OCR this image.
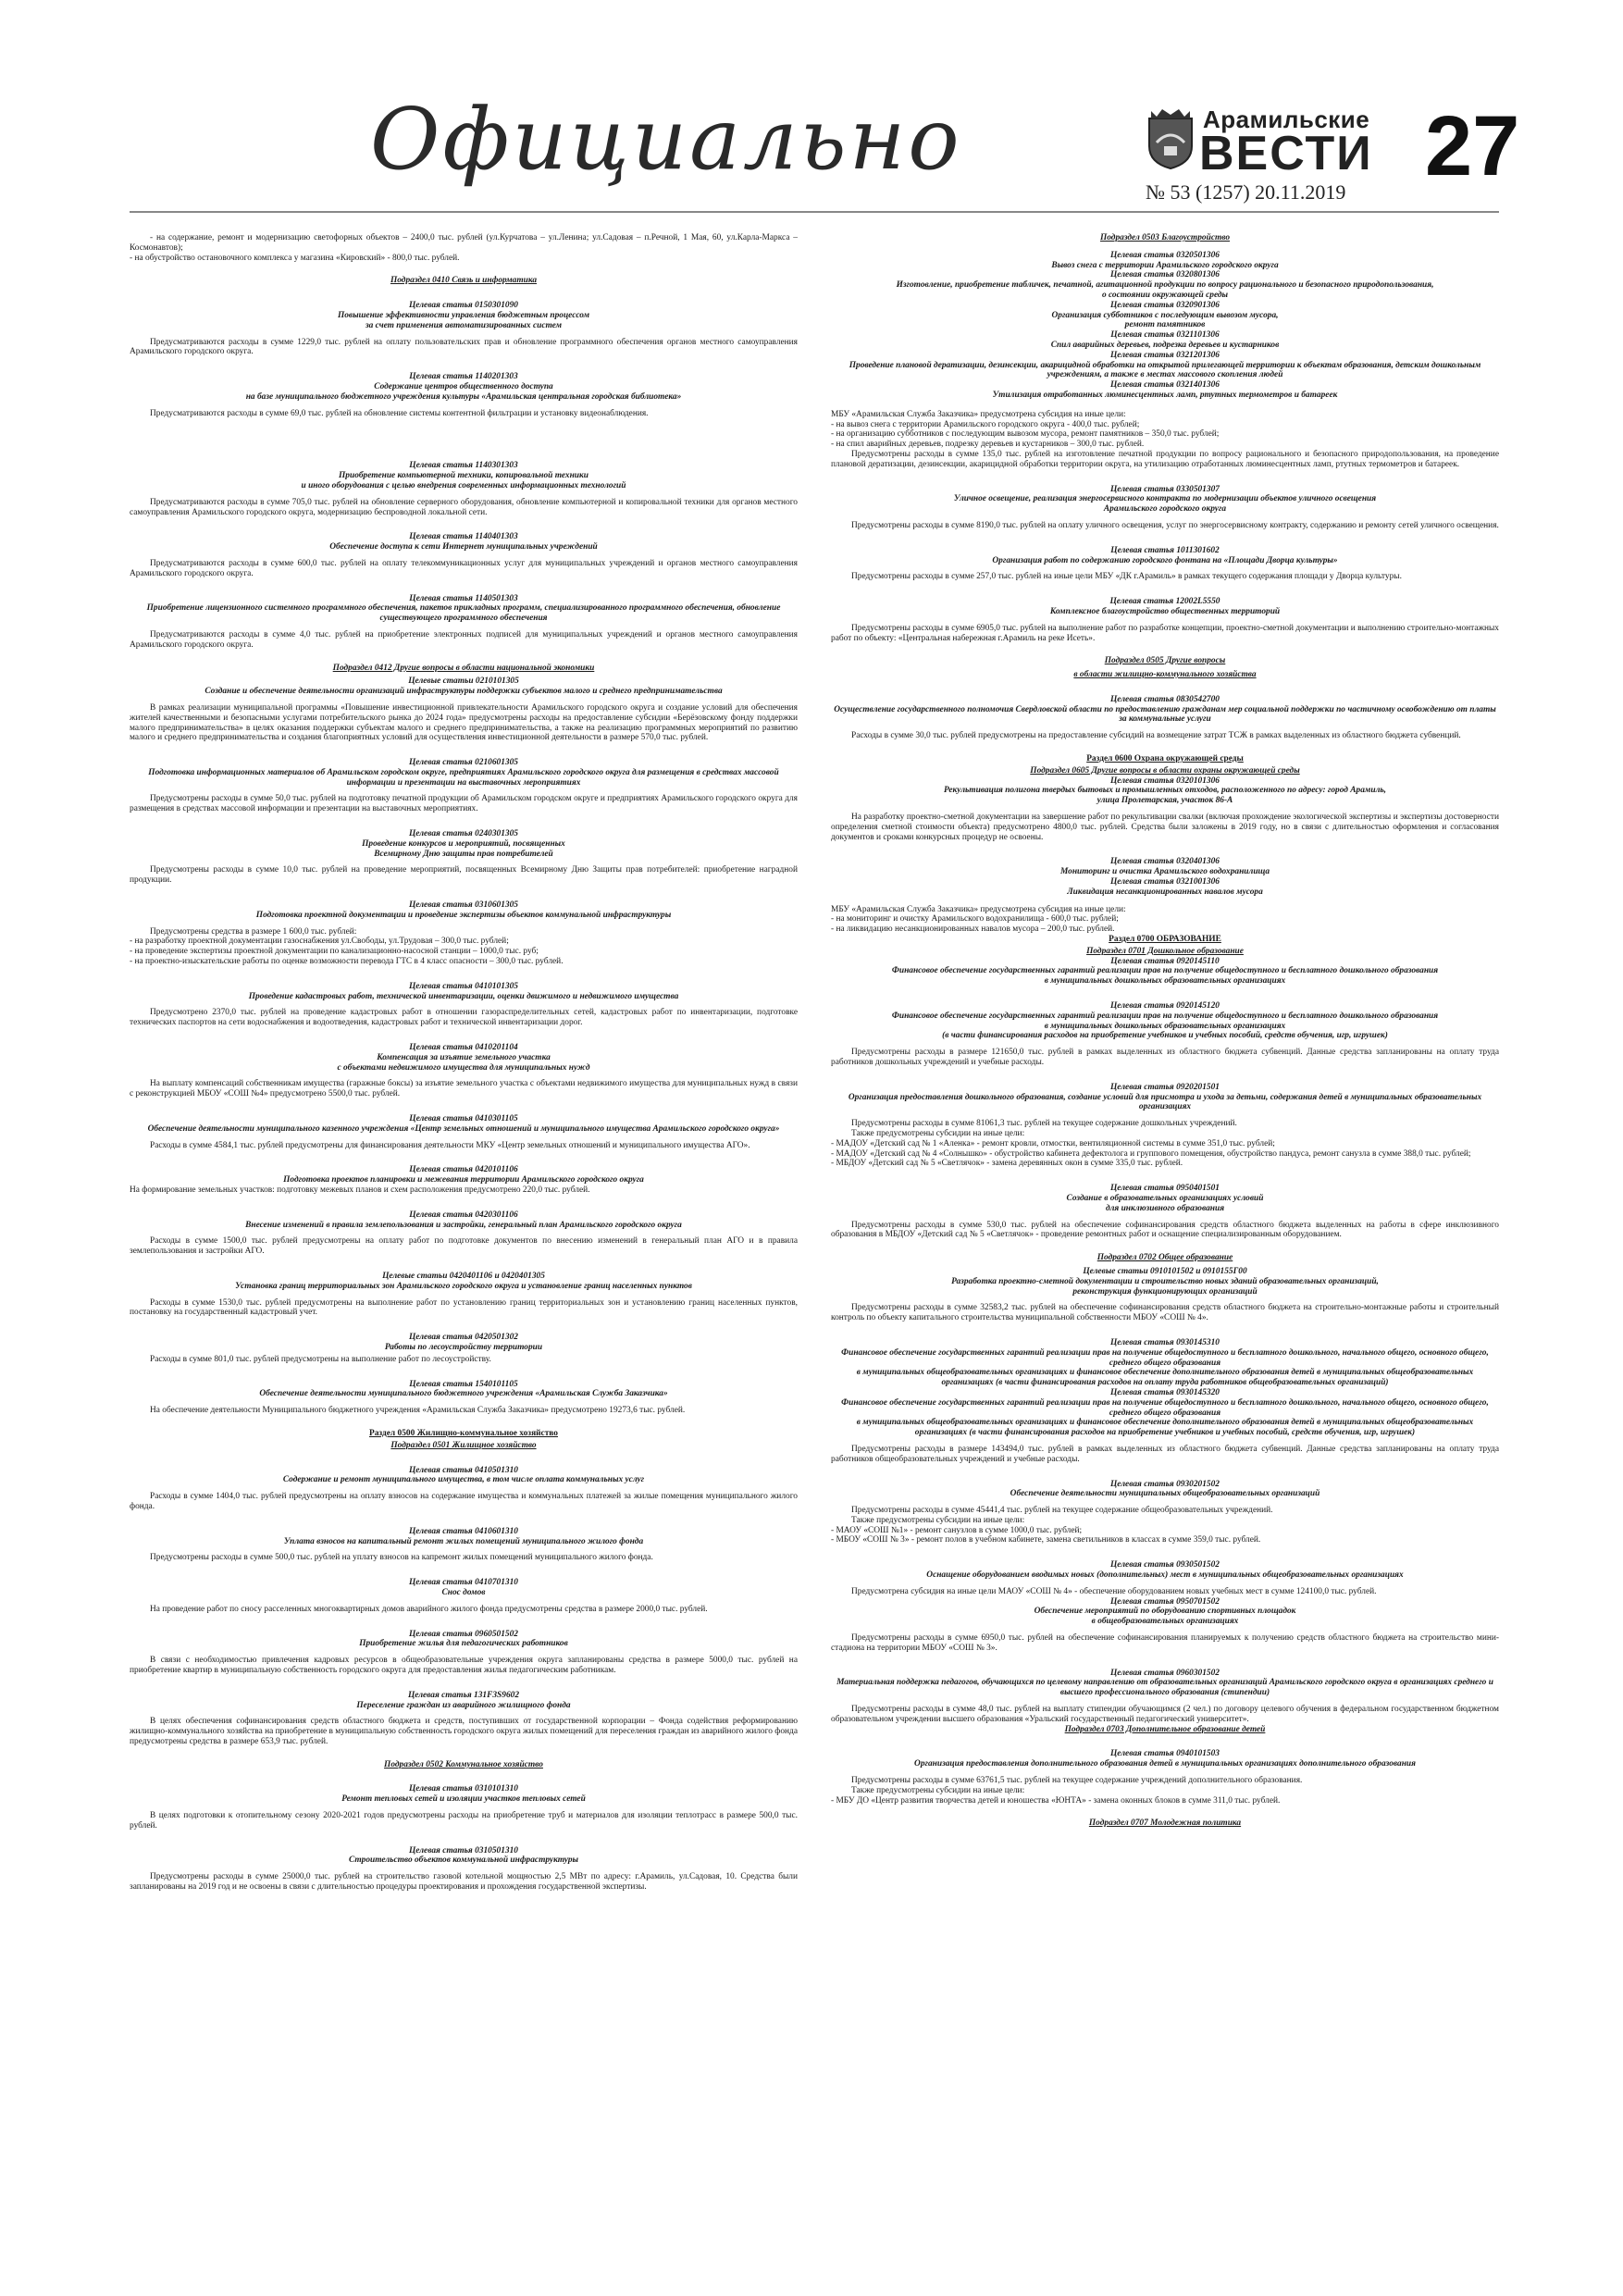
Официально	Арамильские
ВЕСТИ
№ 53 (1257) 20.11.2019 27

- на содержание, ремонт и модернизацию светофорных объектов – 2400,0 тыс. рублей (ул.Курчатова – ул.Ленина; ул.Садовая – п.Речной, 1 Мая, 60, ул.Карла-Маркса – Космонавтов);

- на обустройство остановочного комплекса у магазина «Кировский» - 800,0 тыс. рублей.

Подраздел 0410 Связь и информатика
Целевая статья 0150301090
Повышение эффективности управления бюджетным процессом
за счет применения автоматизированных систем

Предусматриваются расходы в сумме 1229,0 тыс. рублей на оплату пользовательских прав и обновление программного обеспечения органов местного самоуправления Арамильского городского округа.

Целевая статья 1140201303
Содержание центров общественного доступа
на базе муниципального бюджетного учреждения культуры «Арамильская центральная городская библиотека»

Предусматриваются расходы в сумме 69,0 тыс. рублей на обновление системы контентной фильтрации и установку видеонаблюдения.

Целевая статья 1140301303
Приобретение компьютерной техники, копировальной техники
и иного оборудования с целью внедрения современных информационных технологий

Предусматриваются расходы в сумме 705,0 тыс. рублей на обновление серверного оборудования, обновление компьютерной и копировальной техники для органов местного самоуправления Арамильского городского округа, модернизацию беспроводной локальной сети.

Целевая статья 1140401303
Обеспечение доступа к сети Интернет муниципальных учреждений

Предусматриваются расходы в сумме 600,0 тыс. рублей на оплату телекоммуникационных услуг для муниципальных учреждений и органов местного самоуправления Арамильского городского округа.

Целевая статья 1140501303
Приобретение лицензионного системного программного обеспечения, пакетов прикладных программ, специализированного программного обеспечения, обновление существующего программного обеспечения

Предусматриваются расходы в сумме 4,0 тыс. рублей на приобретение электронных подписей для муниципальных учреждений и органов местного самоуправления Арамильского городского округа.

Подраздел 0412 Другие вопросы в области национальной экономики
Целевые статьи 0210101305
Создание и обеспечение деятельности организаций инфраструктуры поддержки субъектов малого и среднего предпринимательства

В рамках реализации муниципальной программы «Повышение инвестиционной привлекательности Арамильского городского округа и создание условий для обеспечения жителей качественными и безопасными услугами потребительского рынка до 2024 года» предусмотрены расходы на предоставление субсидии «Берёзовскому фонду поддержки малого предпринимательства» в целях оказания поддержки субъектам малого и среднего предпринимательства, а также на реализацию программных мероприятий по развитию малого и среднего предпринимательства и создания благоприятных условий для осуществления инвестиционной деятельности в размере 570,0 тыс. рублей.

Целевая статья 0210601305
Подготовка информационных материалов об Арамильском городском округе, предприятиях Арамильского городского округа для размещения в средствах массовой информации и презентации на выставочных мероприятиях

Предусмотрены расходы в сумме 50,0 тыс. рублей на подготовку печатной продукции об Арамильском городском округе и предприятиях Арамильского городского округа для размещения в средствах массовой информации и презентации на выставочных мероприятиях.

Целевая статья 0240301305
Проведение конкурсов и мероприятий, посвященных
Всемирному Дню защиты прав потребителей

Предусмотрены расходы в сумме 10,0 тыс. рублей на проведение мероприятий, посвященных Всемирному Дню Защиты прав потребителей: приобретение наградной продукции.

Целевая статья 0310601305
Подготовка проектной документации и проведение экспертизы объектов коммунальной инфраструктуры

Предусмотрены средства в размере 1 600,0 тыс. рублей:

- на разработку проектной документации газоснабжения ул.Свободы, ул.Трудовая – 300,0 тыс. рублей;

- на проведение экспертизы проектной документации по канализационно-насосной станции – 1000,0 тыс. руб;

- на проектно-изыскательские работы по оценке возможности перевода ГТС в 4 класс опасности – 300,0 тыс. рублей.

Целевая статья 0410101305
Проведение кадастровых работ, технической инвентаризации, оценки движимого и недвижимого имущества

Предусмотрено 2370,0 тыс. рублей на проведение кадастровых работ в отношении газораспределительных сетей, кадастровых работ по инвентаризации, подготовке технических паспортов на сети водоснабжения и водоотведения, кадастровых работ и технической инвентаризации дорог.

Целевая статья 0410201104
Компенсация за изъятие земельного участка
с объектами недвижимого имущества для муниципальных нужд

На выплату компенсаций собственникам имущества (гаражные боксы) за изъятие земельного участка с объектами недвижимого имущества для муниципальных нужд в связи с реконструкцией МБОУ «СОШ №4» предусмотрено 5500,0 тыс. рублей.

Целевая статья 0410301105
Обеспечение деятельности муниципального казенного учреждения «Центр земельных отношений и муниципального имущества Арамильского городского округа»

Расходы в сумме 4584,1 тыс. рублей предусмотрены для финансирования деятельности МКУ «Центр земельных отношений и муниципального имущества АГО».

Целевая статья 0420101106
Подготовка проектов планировки и межевания территории Арамильского городского округа

На формирование земельных участков: подготовку межевых планов и схем расположения предусмотрено 220,0 тыс. рублей.

Целевая статья 0420301106
Внесение изменений в правила землепользования и застройки, генеральный план Арамильского городского округа

Расходы в сумме 1500,0 тыс. рублей предусмотрены на оплату работ по подготовке документов по внесению изменений в генеральный план АГО и в правила землепользования и застройки АГО.

Целевые статьи 0420401106 и 0420401305
Установка границ территориальных зон Арамильского городского округа и установление границ населенных пунктов

Расходы в сумме 1530,0 тыс. рублей предусмотрены на выполнение работ по установлению границ территориальных зон и установлению границ населенных пунктов, постановку на государственный кадастровый учет.

Целевая статья 0420501302
Работы по лесоустройству территории

Расходы в сумме 801,0 тыс. рублей предусмотрены на выполнение работ по лесоустройству.

Целевая статья 1540101105
Обеспечение деятельности муниципального бюджетного учреждения «Арамильская Служба Заказчика»

На обеспечение деятельности Муниципального бюджетного учреждения «Арамильская Служба Заказчика» предусмотрено 19273,6 тыс. рублей.

Раздел 0500 Жилищно-коммунальное хозяйство
Подраздел 0501 Жилищное хозяйство
Целевая статья 0410501310
Содержание и ремонт муниципального имущества, в том числе оплата коммунальных услуг

Расходы в сумме 1404,0 тыс. рублей предусмотрены на оплату взносов на содержание имущества и коммунальных платежей за жилые помещения муниципального жилого фонда.

Целевая статья 0410601310
Уплата взносов на капитальный ремонт жилых помещений муниципального жилого фонда

Предусмотрены расходы в сумме 500,0 тыс. рублей на уплату взносов на капремонт жилых помещений муниципального жилого фонда.

Целевая статья 0410701310
Снос домов

На проведение работ по сносу расселенных многоквартирных домов аварийного жилого фонда предусмотрены средства в размере 2000,0 тыс. рублей.

Целевая статья 0960501502
Приобретение жилья для педагогических работников

В связи с необходимостью привлечения кадровых ресурсов в общеобразовательные учреждения округа запланированы средства в размере 5000,0 тыс. рублей на приобретение квартир в муниципальную собственность городского округа для предоставления жилья педагогическим работникам.

Целевая статья 131F3S9602
Переселение граждан из аварийного жилищного фонда

В целях обеспечения софинансирования средств областного бюджета и средств, поступивших от государственной корпорации – Фонда содействия реформированию жилищно-коммунального хозяйства на приобретение в муниципальную собственность городского округа жилых помещений для переселения граждан из аварийного жилого фонда предусмотрены средства в размере 653,9 тыс. рублей.

Подраздел 0502 Коммунальное хозяйство
Целевая статья 0310101310
Ремонт тепловых сетей и изоляции участков тепловых сетей

В целях подготовки к отопительному сезону 2020-2021 годов предусмотрены расходы на приобретение труб и материалов для изоляции теплотрасс в размере 500,0 тыс. рублей.

Целевая статья 0310501310
Строительство объектов коммунальной инфраструктуры

Предусмотрены расходы в сумме 25000,0 тыс. рублей на строительство газовой котельной мощностью 2,5 МВт по адресу: г.Арамиль, ул.Садовая, 10. Средства были запланированы на 2019 год и не освоены в связи с длительностью процедуры проектирования и прохождения государственной экспертизы.

Подраздел 0503 Благоустройство
Целевая статья 0320501306
Вывоз снега с территории Арамильского городского округа
Целевая статья 0320801306
Изготовление, приобретение табличек, печатной, агитационной продукции по вопросу рационального и безопасного природопользования,
о состоянии окружающей среды
Целевая статья 0320901306
Организация субботников с последующим вывозом мусора,
ремонт памятников
Целевая статья 0321101306
Спил аварийных деревьев, подрезка деревьев и кустарников
Целевая статья 0321201306
Проведение плановой дератизации, дезинсекции, акарицидной обработки на открытой прилегающей территории к объектам образования, детским дошкольным учреждениям, а также в местах массового скопления людей
Целевая статья 0321401306
Утилизация отработанных люминесцентных ламп, ртутных термометров и батареек

МБУ «Арамильская Служба Заказчика» предусмотрена субсидия на иные цели:

- на вывоз снега с территории Арамильского городского округа - 400,0 тыс. рублей;

- на организацию субботников с последующим вывозом мусора, ремонт памятников – 350,0 тыс. рублей;

- на спил аварийных деревьев, подрезку деревьев и кустарников – 300,0 тыс. рублей.

Предусмотрены расходы в сумме 135,0 тыс. рублей на изготовление печатной продукции по вопросу рационального и безопасного природопользования, на проведение плановой дератизации, дезинсекции, акарицидной обработки территории округа, на утилизацию отработанных люминесцентных ламп, ртутных термометров и батареек.

Целевая статья 0330501307
Уличное освещение, реализация энергосервисного контракта по модернизации объектов уличного освещения
Арамильского городского округа

Предусмотрены расходы в сумме 8190,0 тыс. рублей на оплату уличного освещения, услуг по энергосервисному контракту, содержанию и ремонту сетей уличного освещения.

Целевая статья 1011301602
Организация работ по содержанию городского фонтана на «Площади Дворца культуры»

Предусмотрены расходы в сумме 257,0 тыс. рублей на иные цели МБУ «ДК г.Арамиль» в рамках текущего содержания площади у Дворца культуры.

Целевая статья 12002L5550
Комплексное благоустройство общественных территорий

Предусмотрены расходы в сумме 6905,0 тыс. рублей на выполнение работ по разработке концепции, проектно-сметной документации и выполнению строительно-монтажных работ по объекту: «Центральная набережная г.Арамиль на реке Исеть».

Подраздел 0505 Другие вопросы
в области жилищно-коммунального хозяйства
Целевая статья 0830542700
Осуществление государственного полномочия Свердловской области по предоставлению гражданам мер социальной поддержки по частичному освобождению от платы за коммунальные услуги

Расходы в сумме 30,0 тыс. рублей предусмотрены на предоставление субсидий на возмещение затрат ТСЖ в рамках выделенных из областного бюджета субвенций.

Раздел 0600 Охрана окружающей среды
Подраздел 0605 Другие вопросы в области охраны окружающей среды
Целевая статья 0320101306
Рекультивация полигона твердых бытовых и промышленных отходов, расположенного по адресу: город Арамиль,
улица Пролетарская, участок 86-А

На разработку проектно-сметной документации на завершение работ по рекультивации свалки (включая прохождение экологической экспертизы и экспертизы достоверности определения сметной стоимости объекта) предусмотрено 4800,0 тыс. рублей. Средства были заложены в 2019 году, но в связи с длительностью оформления и согласования документов и сроками конкурсных процедур не освоены.

Целевая статья 0320401306
Мониторинг и очистка Арамильского водохранилища
Целевая статья 0321001306
Ликвидация несанкционированных навалов мусора

МБУ «Арамильская Служба Заказчика» предусмотрена субсидия на иные цели:

- на мониторинг и очистку Арамильского водохранилища - 600,0 тыс. рублей;

- на ликвидацию несанкционированных навалов мусора – 200,0 тыс. рублей.

Раздел 0700 ОБРАЗОВАНИЕ
Подраздел 0701 Дошкольное образование
Целевая статья 0920145110
Финансовое обеспечение государственных гарантий реализации прав на получение общедоступного и бесплатного дошкольного образования
в муниципальных дошкольных образовательных организациях
Целевая статья 0920145120
Финансовое обеспечение государственных гарантий реализации прав на получение общедоступного и бесплатного дошкольного образования
в муниципальных дошкольных образовательных организациях
(в части финансирования расходов на приобретение учебников и учебных пособий, средств обучения, игр, игрушек)

Предусмотрены расходы в размере 121650,0 тыс. рублей в рамках выделенных из областного бюджета субвенций. Данные средства запланированы на оплату труда работников дошкольных учреждений и учебные расходы.

Целевая статья 0920201501
Организация предоставления дошкольного образования, создание условий для присмотра и ухода за детьми, содержания детей в муниципальных образовательных организациях

Предусмотрены расходы в сумме 81061,3 тыс. рублей на текущее содержание дошкольных учреждений.

Также предусмотрены субсидии на иные цели:

- МАДОУ «Детский сад № 1 «Аленка» - ремонт кровли, отмостки, вентиляционной системы в сумме 351,0 тыс. рублей;

- МАДОУ «Детский сад № 4 «Солнышко» - обустройство кабинета дефектолога и группового помещения, обустройство пандуса, ремонт санузла в сумме 388,0 тыс. рублей;

- МБДОУ «Детский сад № 5 «Светлячок» - замена деревянных окон в сумме 335,0 тыс. рублей.

Целевая статья 0950401501
Создание в образовательных организациях условий
для инклюзивного образования

Предусмотрены расходы в сумме 530,0 тыс. рублей на обеспечение софинансирования средств областного бюджета выделенных на работы в сфере инклюзивного образования в МБДОУ «Детский сад № 5 «Светлячок» - проведение ремонтных работ и оснащение специализированным оборудованием.

Подраздел 0702 Общее образование
Целевые статьи 0910101502 и 0910155Г00
Разработка проектно-сметной документации и строительство новых зданий образовательных организаций,
реконструкция функционирующих организаций

Предусмотрены расходы в сумме 32583,2 тыс. рублей на обеспечение софинансирования средств областного бюджета на строительно-монтажные работы и строительный контроль по объекту капитального строительства муниципальной собственности МБОУ «СОШ № 4».

Целевая статья 0930145310
Финансовое обеспечение государственных гарантий реализации прав на получение общедоступного и бесплатного дошкольного, начального общего, основного общего, среднего общего образования
в муниципальных общеобразовательных организациях и финансовое обеспечение дополнительного образования детей в муниципальных общеобразовательных организациях (в части финансирования расходов на оплату труда работников общеобразовательных организаций)
Целевая статья 0930145320
Финансовое обеспечение государственных гарантий реализации прав на получение общедоступного и бесплатного дошкольного, начального общего, основного общего, среднего общего образования
в муниципальных общеобразовательных организациях и финансовое обеспечение дополнительного образования детей в муниципальных общеобразовательных организациях (в части финансирования расходов на приобретение учебников и учебных пособий, средств обучения, игр, игрушек)

Предусмотрены расходы в размере 143494,0 тыс. рублей в рамках выделенных из областного бюджета субвенций. Данные средства запланированы на оплату труда работников общеобразовательных учреждений и учебные расходы.

Целевая статья 0930201502
Обеспечение деятельности муниципальных общеобразовательных организаций

Предусмотрены расходы в сумме 45441,4 тыс. рублей на текущее содержание общеобразовательных учреждений.

Также предусмотрены субсидии на иные цели:

- МАОУ «СОШ №1» - ремонт санузлов в сумме 1000,0 тыс. рублей;

- МБОУ «СОШ № 3» - ремонт полов в учебном кабинете, замена светильников в классах в сумме 359,0 тыс. рублей.

Целевая статья 0930501502
Оснащение оборудованием вводимых новых (дополнительных) мест в муниципальных общеобразовательных организациях

Предусмотрена субсидия на иные цели МАОУ «СОШ № 4» - обеспечение оборудованием новых учебных мест в сумме 124100,0 тыс. рублей.

Целевая статья 0950701502
Обеспечение мероприятий по оборудованию спортивных площадок
в общеобразовательных организациях

Предусмотрены расходы в сумме 6950,0 тыс. рублей на обеспечение софинансирования планируемых к получению средств областного бюджета на строительство мини-стадиона на территории МБОУ «СОШ № 3».

Целевая статья 0960301502
Материальная поддержка педагогов, обучающихся по целевому направлению от образовательных организаций Арамильского городского округа в организациях среднего и высшего профессионального образования (стипендии)

Предусмотрены расходы в сумме 48,0 тыс. рублей на выплату стипендии обучающимся (2 чел.) по договору целевого обучения в федеральном государственном бюджетном образовательном учреждении высшего образования «Уральский государственный педагогический университет».

Подраздел 0703 Дополнительное образование детей
Целевая статья 0940101503
Организация предоставления дополнительного образования детей в муниципальных организациях дополнительного образования

Предусмотрены расходы в сумме 63761,5 тыс. рублей на текущее содержание учреждений дополнительного образования.

Также предусмотрены субсидии на иные цели:

- МБУ ДО «Центр развития творчества детей и юношества «ЮНТА» - замена оконных блоков в сумме 311,0 тыс. рублей.

Подраздел 0707 Молодежная политика
